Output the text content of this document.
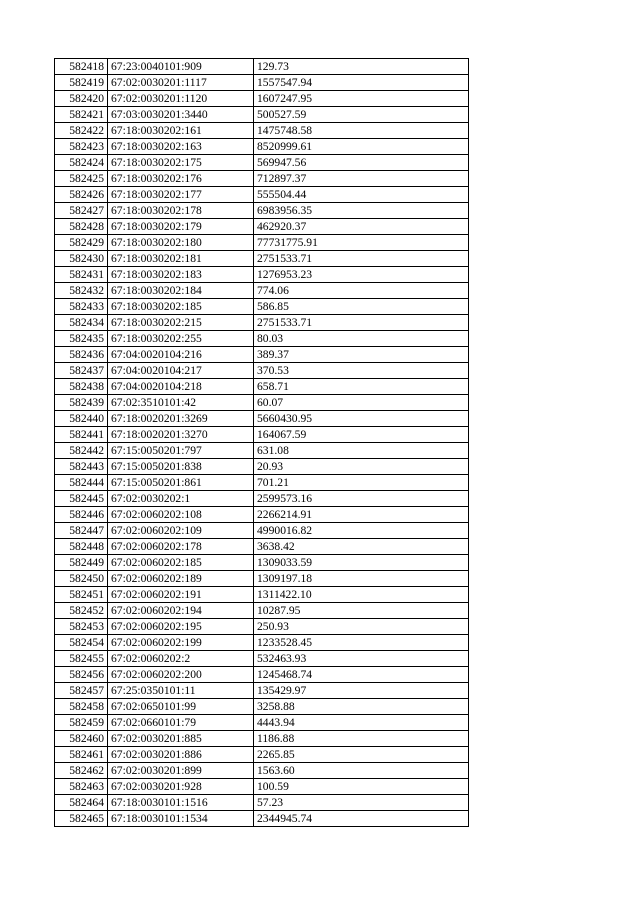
582418	67:23:0040101:909	129.73
582419	67:02:0030201:1117	1557547.94
582420	67:02:0030201:1120	1607247.95
582421	67:03:0030201:3440	500527.59
582422	67:18:0030202:161	1475748.58
582423	67:18:0030202:163	8520999.61
582424	67:18:0030202:175	569947.56
582425	67:18:0030202:176	712897.37
582426	67:18:0030202:177	555504.44
582427	67:18:0030202:178	6983956.35
582428	67:18:0030202:179	462920.37
582429	67:18:0030202:180	77731775.91
582430	67:18:0030202:181	2751533.71
582431	67:18:0030202:183	1276953.23
582432	67:18:0030202:184	774.06
582433	67:18:0030202:185	586.85
582434	67:18:0030202:215	2751533.71
582435	67:18:0030202:255	80.03
582436	67:04:0020104:216	389.37
582437	67:04:0020104:217	370.53
582438	67:04:0020104:218	658.71
582439	67:02:3510101:42	60.07
582440	67:18:0020201:3269	5660430.95
582441	67:18:0020201:3270	164067.59
582442	67:15:0050201:797	631.08
582443	67:15:0050201:838	20.93
582444	67:15:0050201:861	701.21
582445	67:02:0030202:1	2599573.16
582446	67:02:0060202:108	2266214.91
582447	67:02:0060202:109	4990016.82
582448	67:02:0060202:178	3638.42
582449	67:02:0060202:185	1309033.59
582450	67:02:0060202:189	1309197.18
582451	67:02:0060202:191	1311422.10
582452	67:02:0060202:194	10287.95
582453	67:02:0060202:195	250.93
582454	67:02:0060202:199	1233528.45
582455	67:02:0060202:2	532463.93
582456	67:02:0060202:200	1245468.74
582457	67:25:0350101:11	135429.97
582458	67:02:0650101:99	3258.88
582459	67:02:0660101:79	4443.94
582460	67:02:0030201:885	1186.88
582461	67:02:0030201:886	2265.85
582462	67:02:0030201:899	1563.60
582463	67:02:0030201:928	100.59
582464	67:18:0030101:1516	57.23
582465	67:18:0030101:1534	2344945.74
